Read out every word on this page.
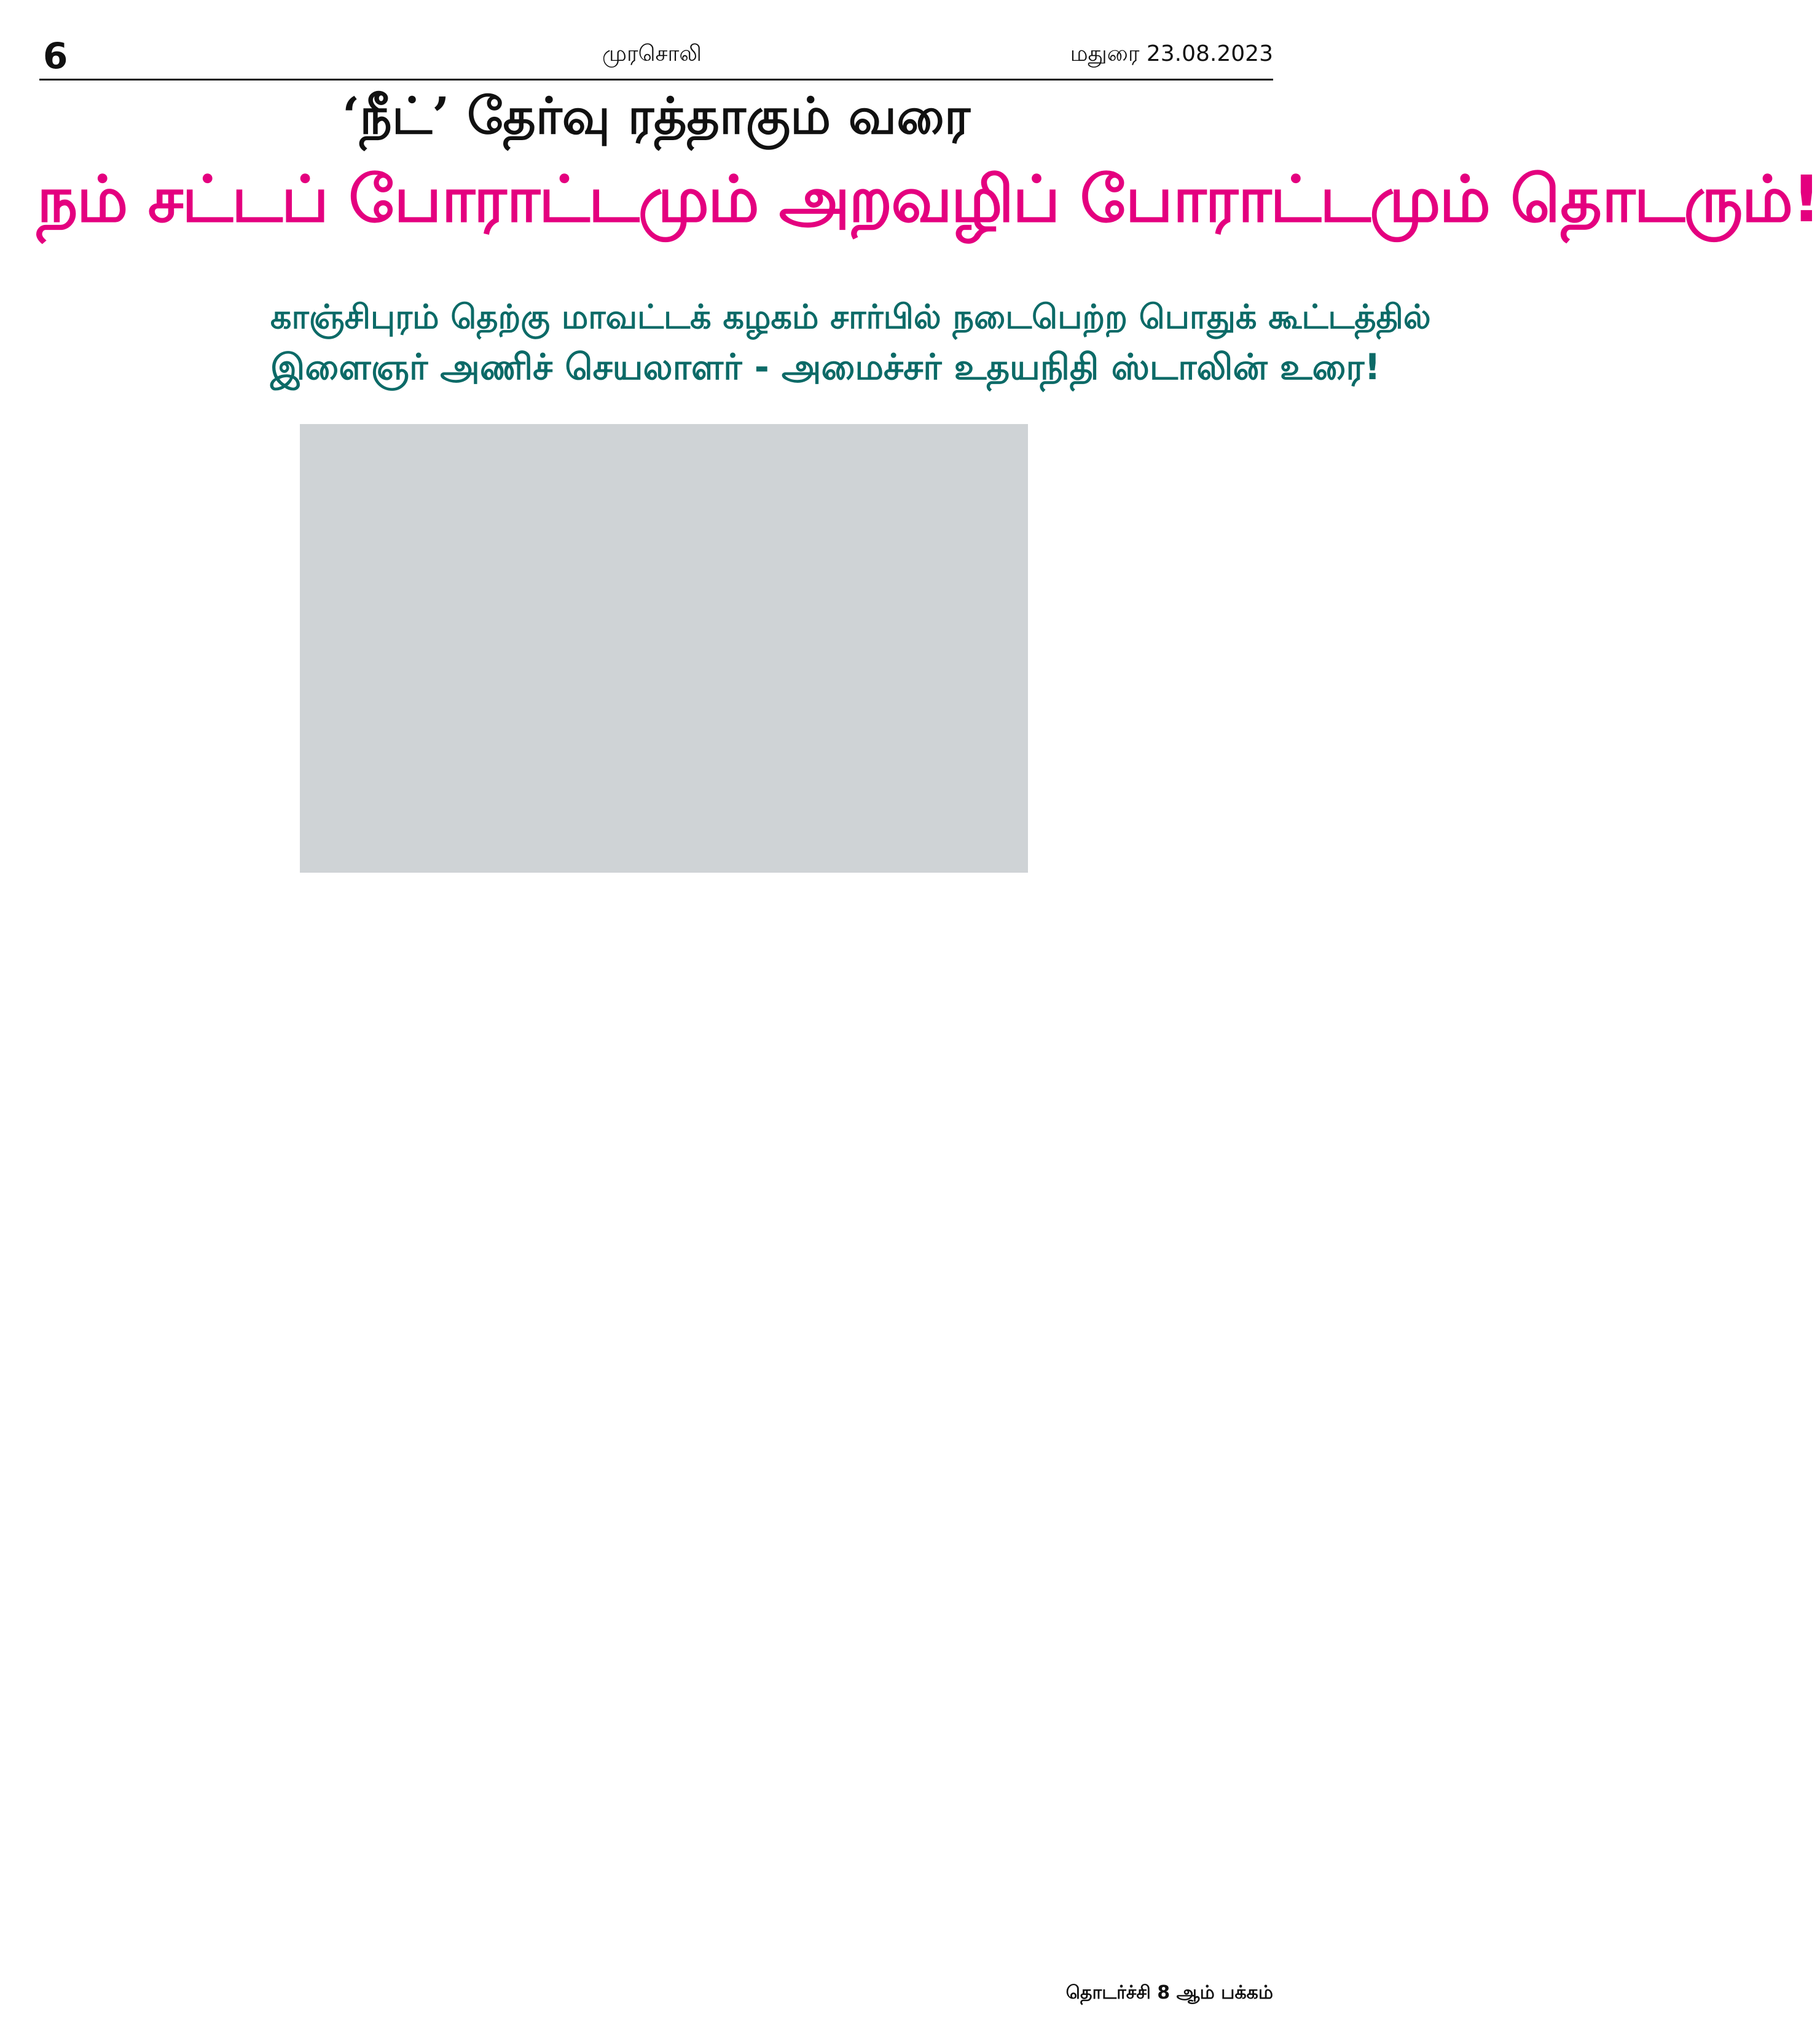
6	முரசொலி	மதுரை 23.08.2023
‘நீட்’ தேர்வு ரத்தாகும் வரை
நம் சட்டப் போராட்டமும் அறவழிப் போராட்டமும் தொடரும்!
காஞ்சிபுரம் தெற்கு மாவட்டக் கழகம் சார்பில் நடைபெற்ற பொதுக் கூட்டத்தில்
இளைஞர் அணிச் செயலாளர் - அமைச்சர் உதயநிதி ஸ்டாலின் உரை!

தொடர்ச்சி 8 ஆம் பக்கம்
